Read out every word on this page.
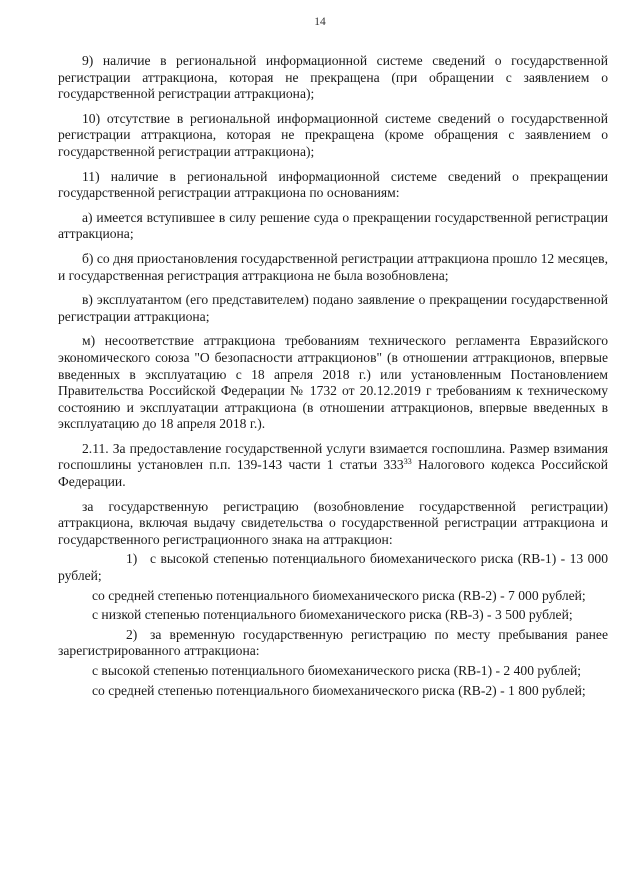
14

9) наличие в региональной информационной системе сведений о государственной регистрации аттракциона, которая не прекращена (при обращении с заявлением о государственной регистрации аттракциона);

10) отсутствие в региональной информационной системе сведений о государственной регистрации аттракциона, которая не прекращена (кроме обращения с заявлением о государственной регистрации аттракциона);

11) наличие в региональной информационной системе сведений о прекращении государственной регистрации аттракциона по основаниям:

а) имеется вступившее в силу решение суда о прекращении государственной регистрации аттракциона;

б) со дня приостановления государственной регистрации аттракциона прошло 12 месяцев, и государственная регистрация аттракциона не была возобновлена;

в) эксплуатантом (его представителем) подано заявление о прекращении государственной регистрации аттракциона;

м) несоответствие аттракциона требованиям технического регламента Евразийского экономического союза "О безопасности аттракционов" (в отношении аттракционов, впервые введенных в эксплуатацию с 18 апреля 2018 г.) или установленным Постановлением Правительства Российской Федерации № 1732 от 20.12.2019 г требованиям к техническому состоянию и эксплуатации аттракциона (в отношении аттракционов, впервые введенных в эксплуатацию до 18 апреля 2018 г.).

2.11. За предоставление государственной услуги взимается госпошлина. Размер взимания госпошлины установлен п.п. 139-143 части 1 статьи $333^{33}$ Налогового кодекса Российской Федерации.

за государственную регистрацию (возобновление государственной регистрации) аттракциона, включая выдачу свидетельства о государственной регистрации аттракциона и государственного регистрационного знака на аттракцион:

1) с высокой степенью потенциального биомеханического риска (RB-1) - 13 000 рублей;

со средней степенью потенциального биомеханического риска (RB-2) - 7 000 рублей;

с низкой степенью потенциального биомеханического риска (RB-3) - 3 500 рублей;

2) за временную государственную регистрацию по месту пребывания ранее зарегистрированного аттракциона:

с высокой степенью потенциального биомеханического риска (RB-1) - 2 400 рублей;

со средней степенью потенциального биомеханического риска (RB-2) - 1 800 рублей;
